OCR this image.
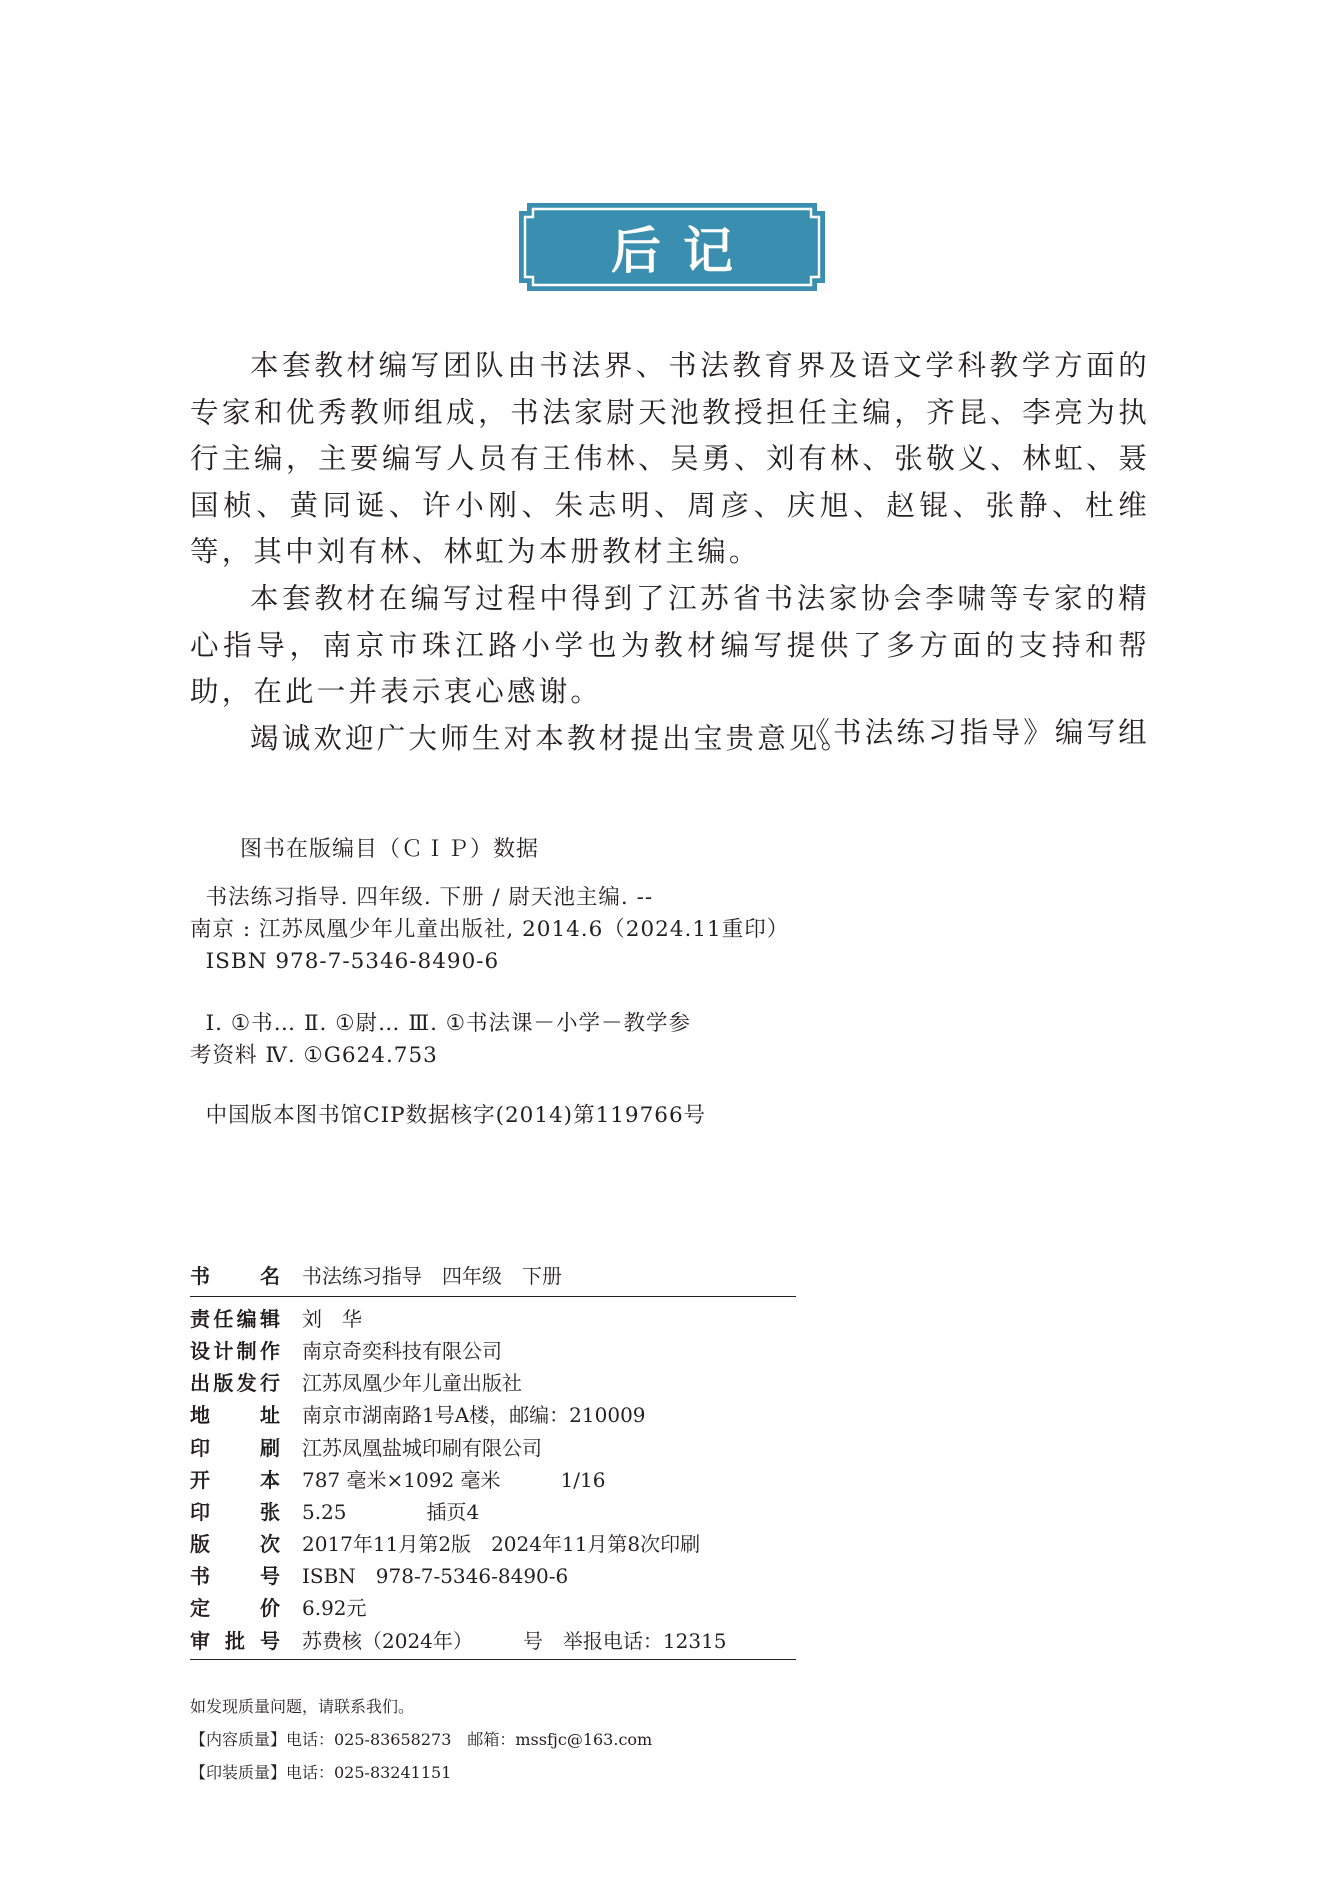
后记

本套教材编写团队由书法界、书法教育界及语文学科教学方面的专家和优秀教师组成，书法家尉天池教授担任主编，齐昆、李亮为执行主编，主要编写人员有王伟林、吴勇、刘有林、张敬义、林虹、聂国桢、黄同诞、许小刚、朱志明、周彦、庆旭、赵锟、张静、杜维等，其中刘有林、林虹为本册教材主编。

本套教材在编写过程中得到了江苏省书法家协会李啸等专家的精心指导，南京市珠江路小学也为教材编写提供了多方面的支持和帮助，在此一并表示衷心感谢。

竭诚欢迎广大师生对本教材提出宝贵意见。

《书法练习指导》编写组
图书在版编目（ＣＩＰ）数据
书法练习指导. 四年级. 下册 / 尉天池主编. --
南京 : 江苏凤凰少年儿童出版社, 2014.6（2024.11重印）
ISBN 978-7-5346-8490-6
Ⅰ. ①书… Ⅱ. ①尉… Ⅲ. ①书法课－小学－教学参
考资料 Ⅳ. ①G624.753
中国版本图书馆CIP数据核字(2014)第119766号
书	名 书法练习指导　四年级　下册
责 任 编 辑 刘　华
设 计 制 作 南京奇奕科技有限公司
出 版 发 行 江苏凤凰少年儿童出版社
地	址 南京市湖南路1号A楼，邮编：210009
印	刷 江苏凤凰盐城印刷有限公司
开	本 787 毫米×1092 毫米　　　1/16
印	张 5.25　　　　插页4
版	次 2017年11月第2版　2024年11月第8次印刷
书	号 ISBN　978-7-5346-8490-6
定	价 6.92元
审 批 号 苏费核（2024年）　　　号　举报电话：12315
如发现质量问题，请联系我们。
【内容质量】电话：025-83658273　邮箱：mssfjc@163.com
【印装质量】电话：025-83241151
